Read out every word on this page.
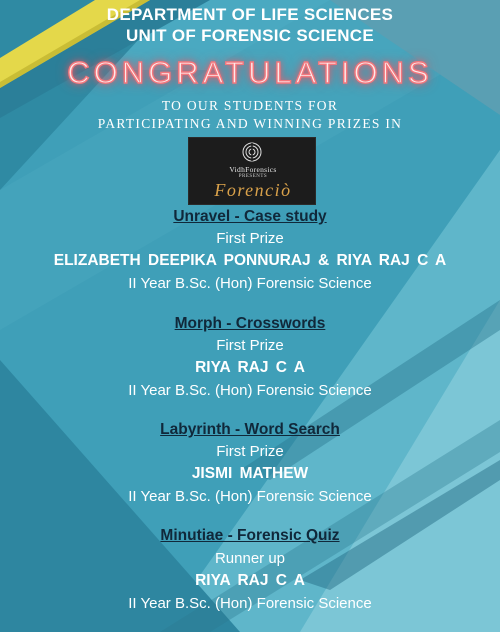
DEPARTMENT OF LIFE SCIENCES
UNIT OF FORENSIC SCIENCE
CONGRATULATIONS
TO OUR STUDENTS FOR
PARTICIPATING AND WINNING PRIZES IN
VidhForensics
PRESENTS
Forenciò
Unravel - Case study
First Prize
ELIZABETH DEEPIKA PONNURAJ & RIYA RAJ C A
II Year B.Sc. (Hon) Forensic Science
Morph - Crosswords
First Prize
RIYA RAJ C A
II Year B.Sc. (Hon) Forensic Science
Labyrinth - Word Search
First Prize
JISMI MATHEW
II Year B.Sc. (Hon) Forensic Science
Minutiae - Forensic Quiz
Runner up
RIYA RAJ C A
II Year B.Sc. (Hon) Forensic Science
